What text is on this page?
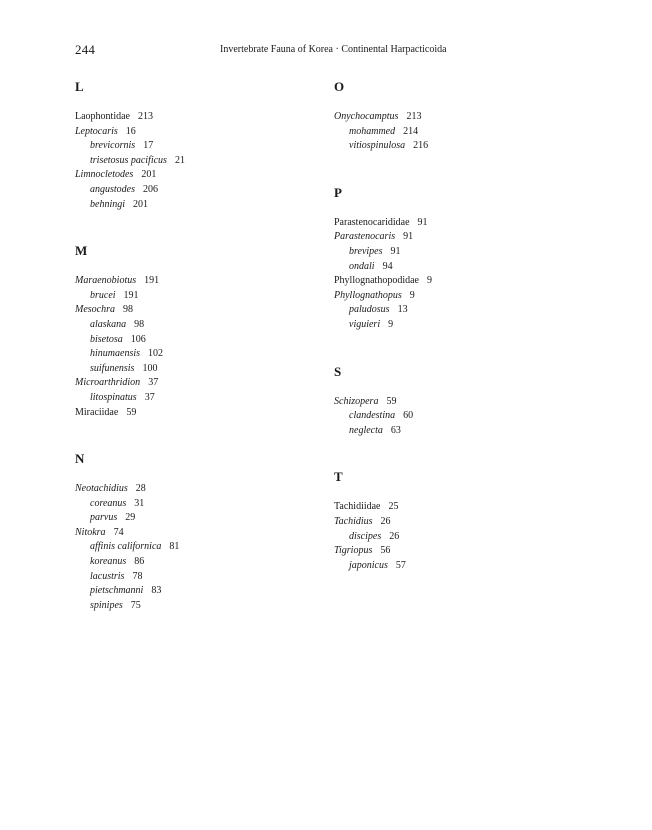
244	Invertebrate Fauna of Korea · Continental Harpacticoida
L
Laophontidae 213
Leptocaris 16
brevicornis 17
trisetosus pacificus 21
Limnocletodes 201
angustodes 206
behningi 201
M
Maraenobiotus 191
brucei 191
Mesochra 98
alaskana 98
bisetosa 106
hinumaensis 102
suifunensis 100
Microarthridion 37
litospinatus 37
Miraciidae 59
N
Neotachidius 28
coreanus 31
parvus 29
Nitokra 74
affinis californica 81
koreanus 86
lacustris 78
pietschmanni 83
spinipes 75
O
Onychocamptus 213
mohammed 214
vitiospinulosa 216
P
Parastenocarididae 91
Parastenocaris 91
brevipes 91
ondali 94
Phyllognathopodidae 9
Phyllognathopus 9
paludosus 13
viguieri 9
S
Schizopera 59
clandestina 60
neglecta 63
T
Tachidiidae 25
Tachidius 26
discipes 26
Tigriopus 56
japonicus 57
